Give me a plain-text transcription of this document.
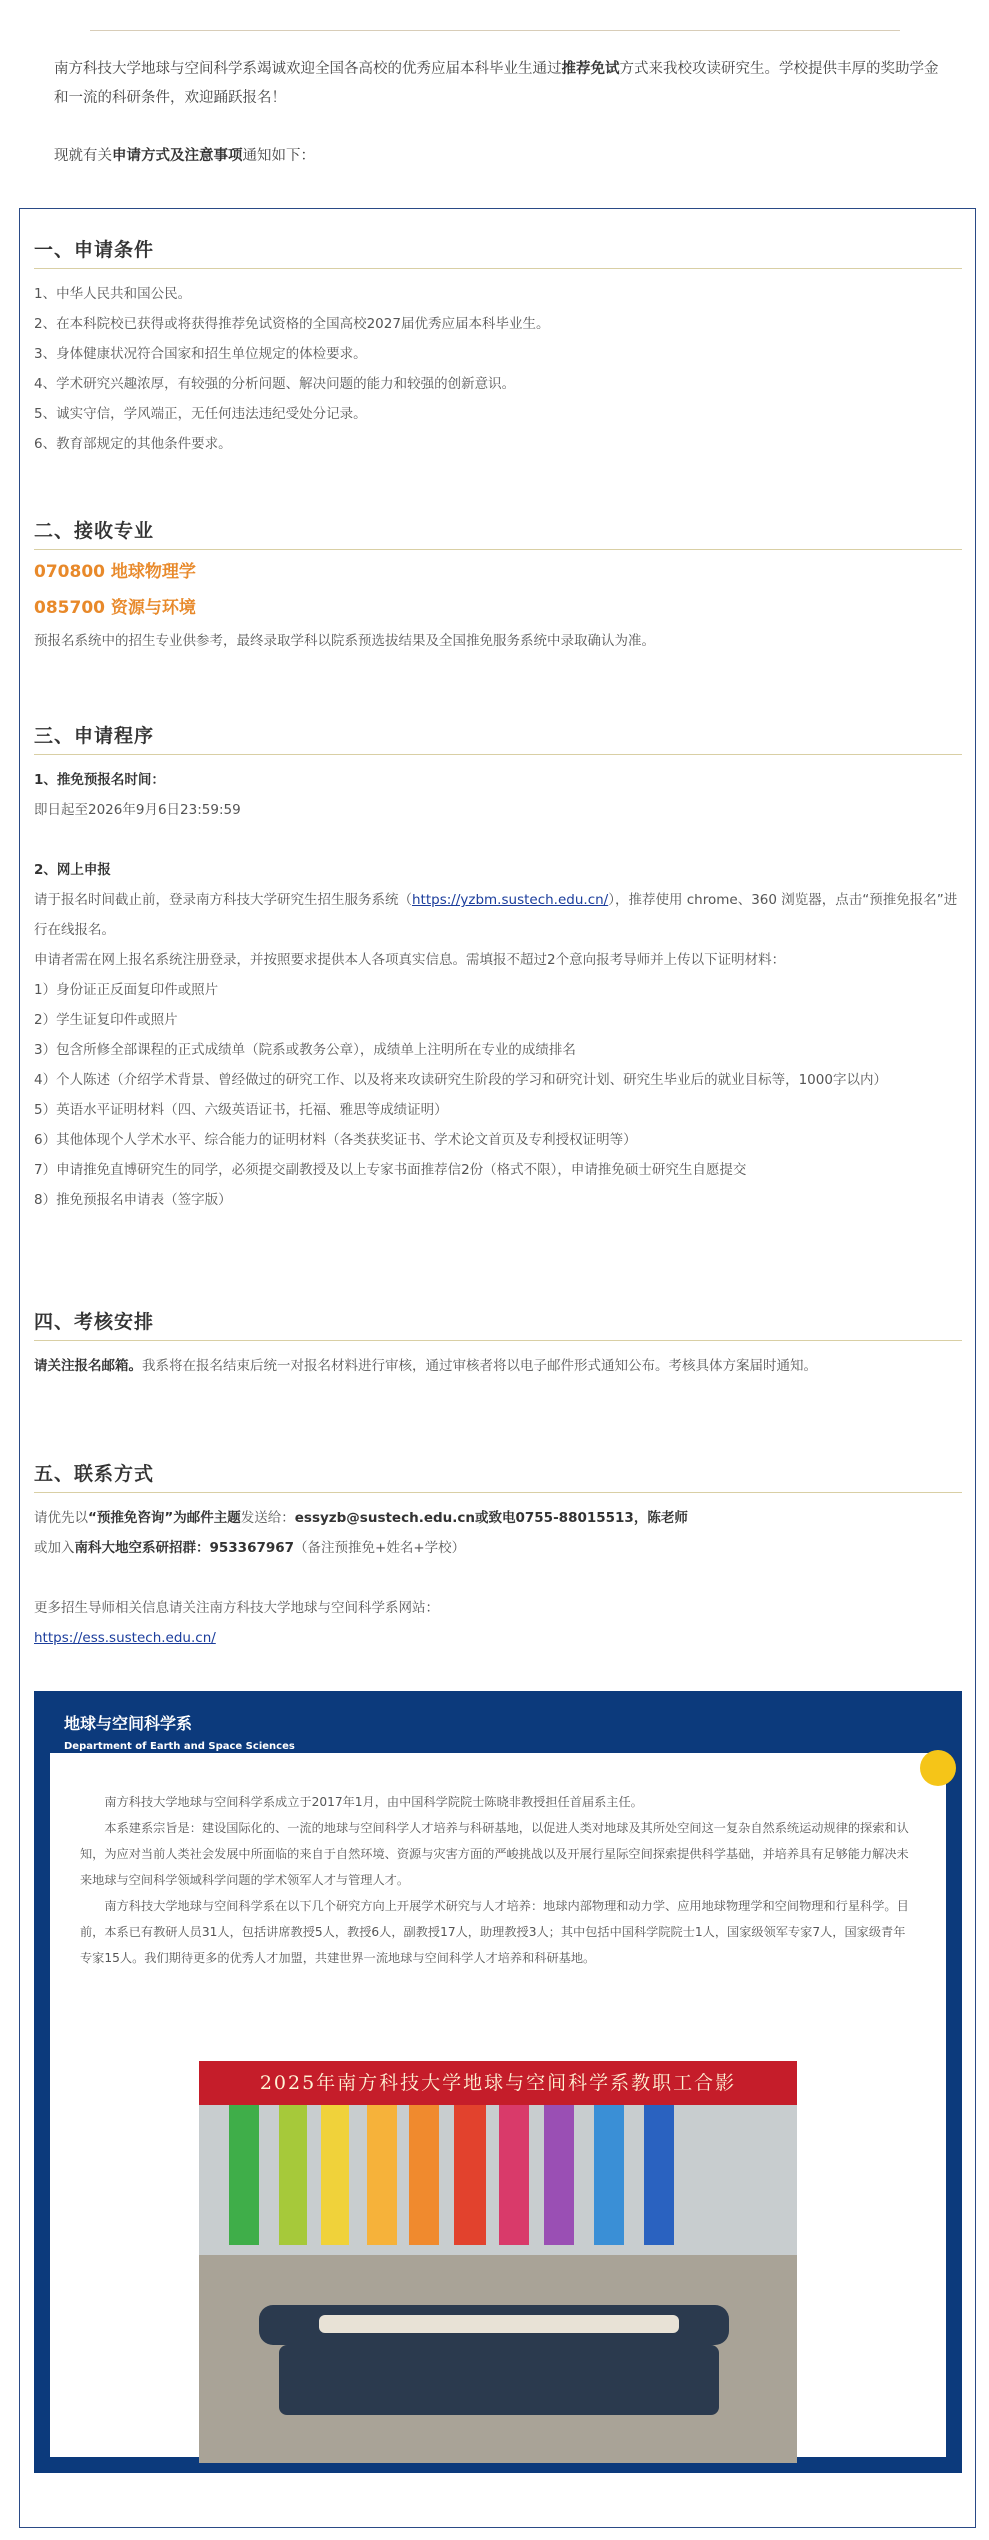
南方科技大学地球与空间科学系竭诚欢迎全国各高校的优秀应届本科毕业生通过推荐免试方式来我校攻读研究生。学校提供丰厚的奖助学金和一流的科研条件，欢迎踊跃报名！

现就有关申请方式及注意事项通知如下：

一、申请条件
1、中华人民共和国公民。
2、在本科院校已获得或将获得推荐免试资格的全国高校2027届优秀应届本科毕业生。
3、身体健康状况符合国家和招生单位规定的体检要求。
4、学术研究兴趣浓厚，有较强的分析问题、解决问题的能力和较强的创新意识。
5、诚实守信，学风端正，无任何违法违纪受处分记录。
6、教育部规定的其他条件要求。
二、接收专业
070800 地球物理学
085700 资源与环境
预报名系统中的招生专业供参考，最终录取学科以院系预选拔结果及全国推免服务系统中录取确认为准。
三、申请程序
1、推免预报名时间：
即日起至2026年9月6日23:59:59
2、网上申报
请于报名时间截止前，登录南方科技大学研究生招生服务系统（https://yzbm.sustech.edu.cn/），推荐使用 chrome、360 浏览器，点击“预推免报名”进行在线报名。
申请者需在网上报名系统注册登录，并按照要求提供本人各项真实信息。需填报不超过2个意向报考导师并上传以下证明材料：
1）身份证正反面复印件或照片
2）学生证复印件或照片
3）包含所修全部课程的正式成绩单（院系或教务公章），成绩单上注明所在专业的成绩排名
4）个人陈述（介绍学术背景、曾经做过的研究工作、以及将来攻读研究生阶段的学习和研究计划、研究生毕业后的就业目标等，1000字以内）
5）英语水平证明材料（四、六级英语证书，托福、雅思等成绩证明）
6）其他体现个人学术水平、综合能力的证明材料（各类获奖证书、学术论文首页及专利授权证明等）
7）申请推免直博研究生的同学，必须提交副教授及以上专家书面推荐信2份（格式不限），申请推免硕士研究生自愿提交
8）推免预报名申请表（签字版）
四、考核安排
请关注报名邮箱。我系将在报名结束后统一对报名材料进行审核，通过审核者将以电子邮件形式通知公布。考核具体方案届时通知。
五、联系方式
请优先以“预推免咨询”为邮件主题发送给：essyzb@sustech.edu.cn或致电0755-88015513，陈老师
或加入南科大地空系研招群：953367967（备注预推免+姓名+学校）
更多招生导师相关信息请关注南方科技大学地球与空间科学系网站：
https://ess.sustech.edu.cn/
地球与空间科学系
Department of Earth and Space Sciences

南方科技大学地球与空间科学系成立于2017年1月，由中国科学院院士陈晓非教授担任首届系主任。

本系建系宗旨是：建设国际化的、一流的地球与空间科学人才培养与科研基地，以促进人类对地球及其所处空间这一复杂自然系统运动规律的探索和认知，为应对当前人类社会发展中所面临的来自于自然环境、资源与灾害方面的严峻挑战以及开展行星际空间探索提供科学基础，并培养具有足够能力解决未来地球与空间科学领域科学问题的学术领军人才与管理人才。

南方科技大学地球与空间科学系在以下几个研究方向上开展学术研究与人才培养：地球内部物理和动力学、应用地球物理学和空间物理和行星科学。目前，本系已有教研人员31人，包括讲席教授5人，教授6人，副教授17人，助理教授3人；其中包括中国科学院院士1人，国家级领军专家7人，国家级青年专家15人。我们期待更多的优秀人才加盟，共建世界一流地球与空间科学人才培养和科研基地。

2025年南方科技大学地球与空间科学系教职工合影
